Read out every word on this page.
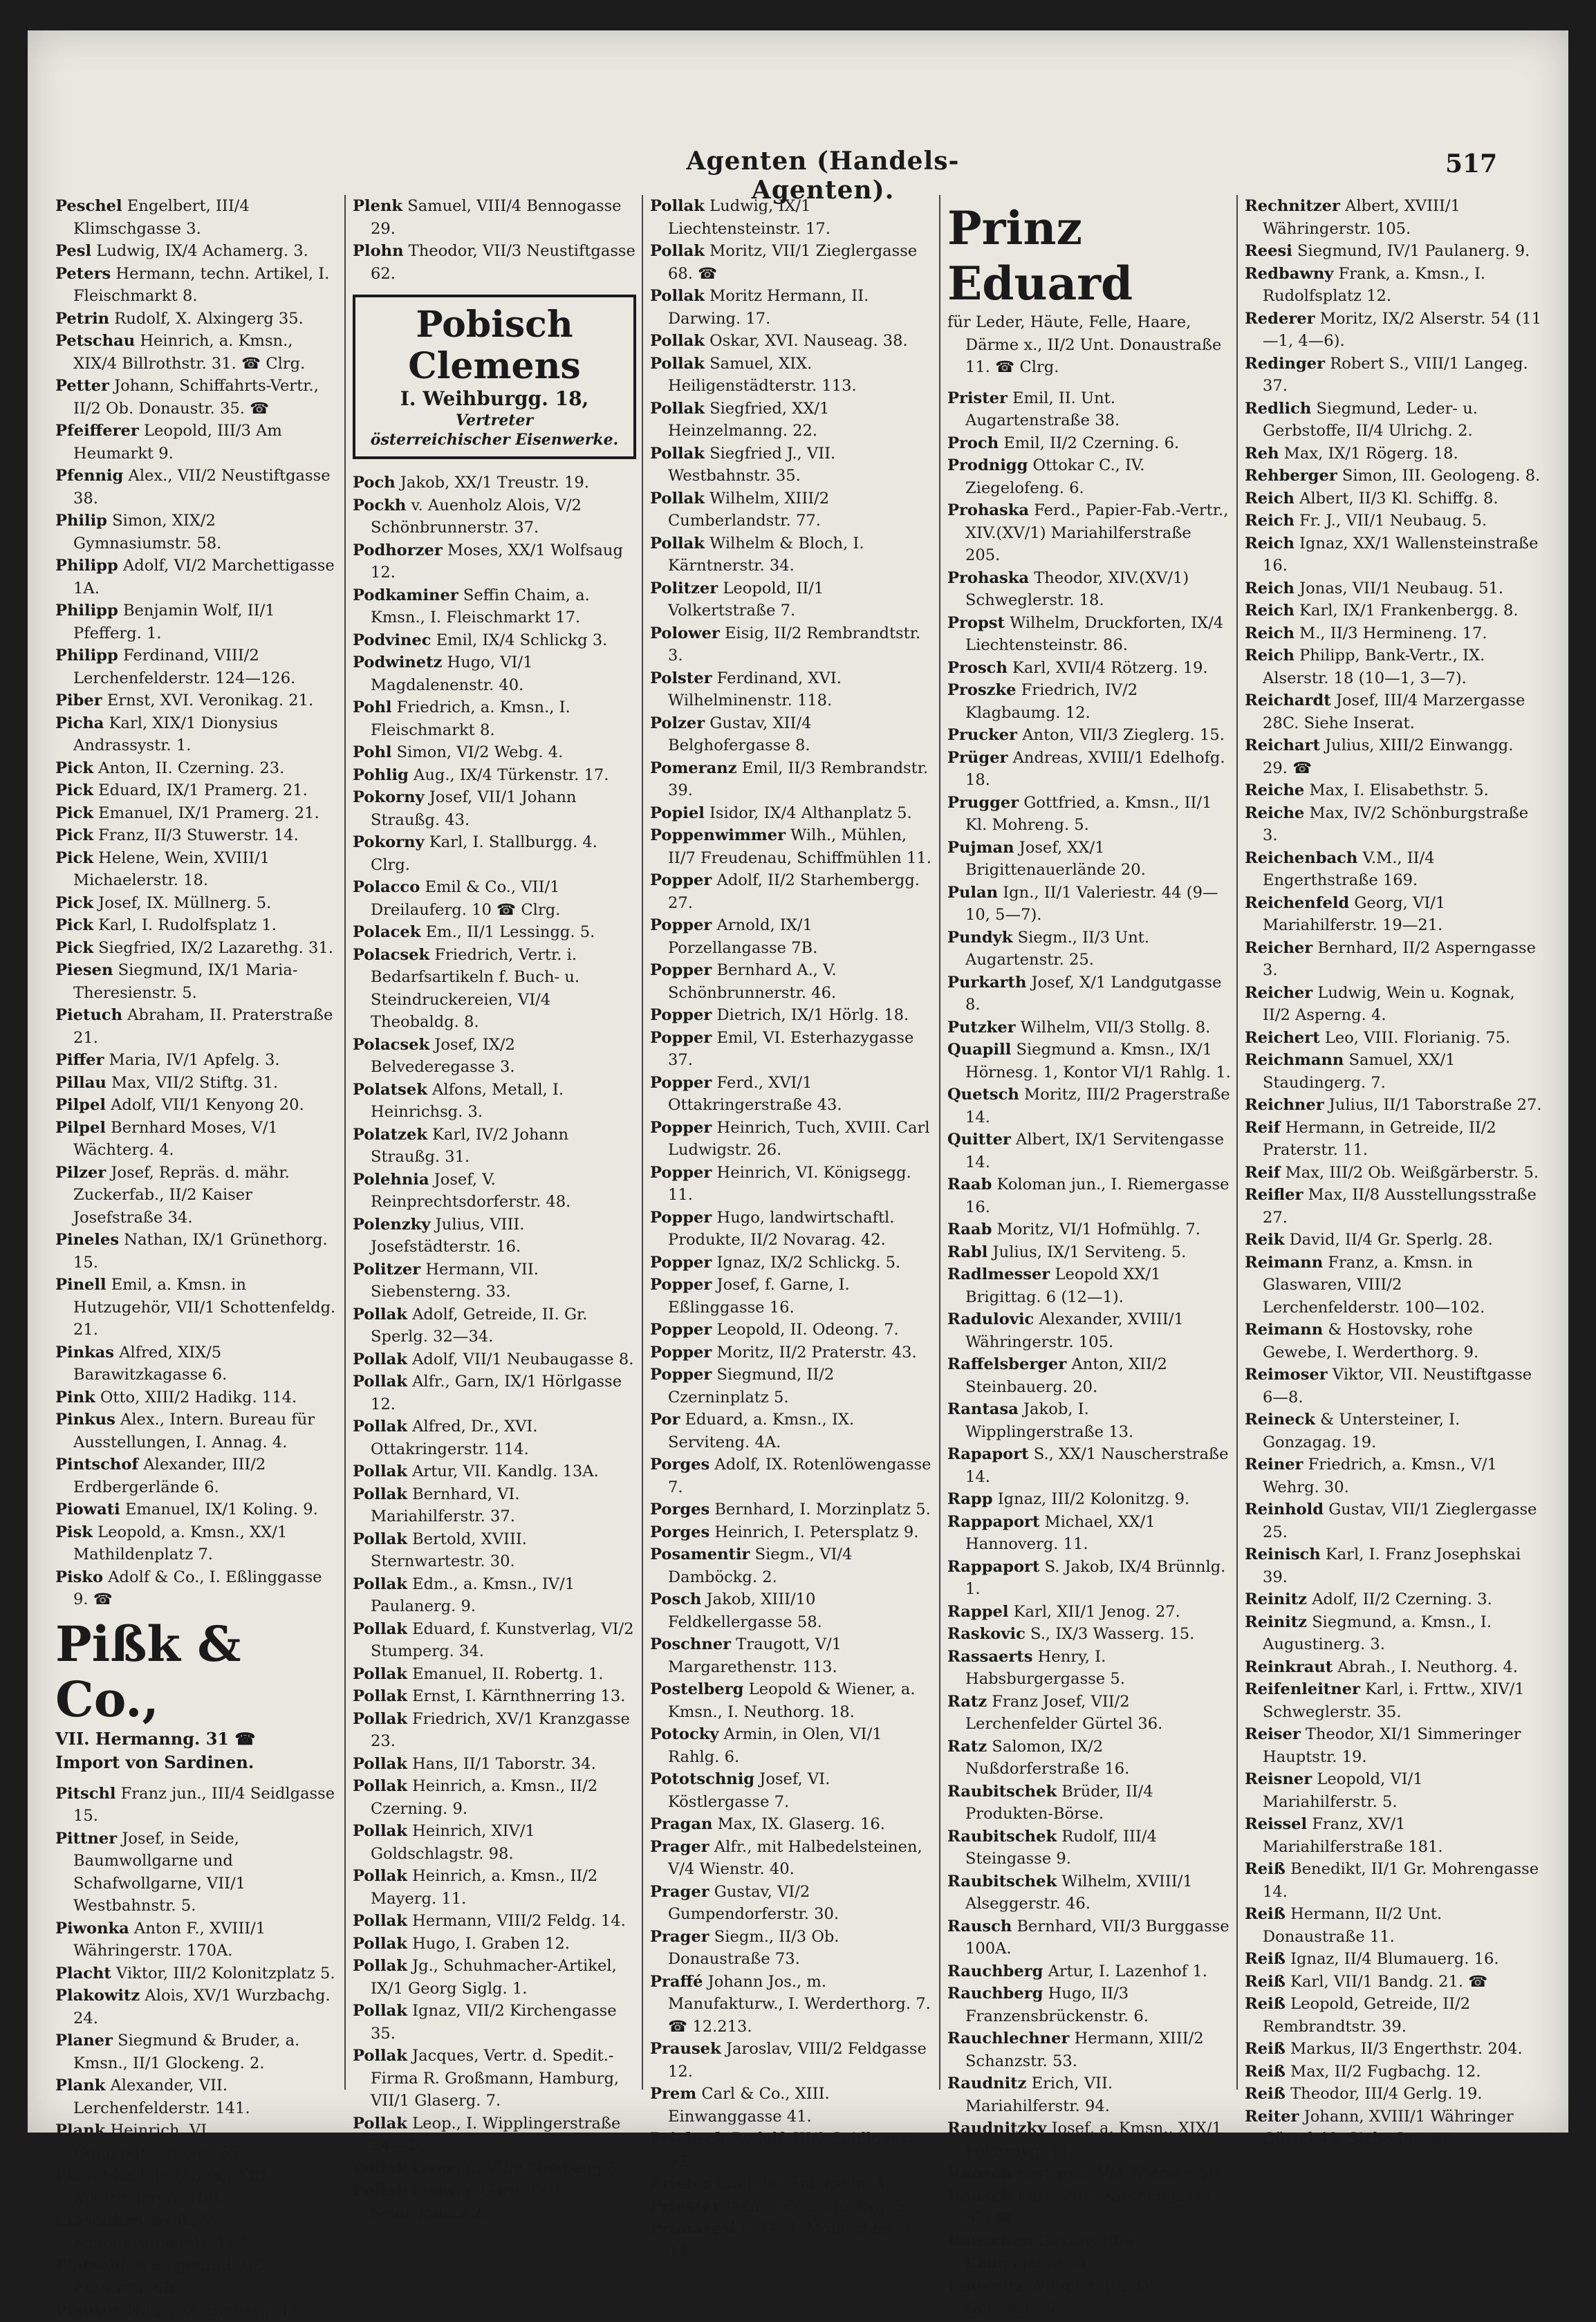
Agenten (Handels-Agenten).
517

Peschel Engelbert, III/4 Klimschgasse 3.

Pesl Ludwig, IX/4 Achamerg. 3.

Peters Hermann, techn. Artikel, I. Fleischmarkt 8.

Petrin Rudolf, X. Alxingerg 35.

Petschau Heinrich, a. Kmsn., XIX/4 Billrothstr. 31. ☎ Clrg.

Petter Johann, Schiffahrts-Vertr., II/2 Ob. Donaustr. 35. ☎

Pfeifferer Leopold, III/3 Am Heumarkt 9.

Pfennig Alex., VII/2 Neustiftgasse 38.

Philip Simon, XIX/2 Gymnasiumstr. 58.

Philipp Adolf, VI/2 Marchettigasse 1A.

Philipp Benjamin Wolf, II/1 Pfefferg. 1.

Philipp Ferdinand, VIII/2 Lerchenfelderstr. 124—126.

Piber Ernst, XVI. Veronikag. 21.

Picha Karl, XIX/1 Dionysius Andrassystr. 1.

Pick Anton, II. Czerning. 23.

Pick Eduard, IX/1 Pramerg. 21.

Pick Emanuel, IX/1 Pramerg. 21.

Pick Franz, II/3 Stuwerstr. 14.

Pick Helene, Wein, XVIII/1 Michaelerstr. 18.

Pick Josef, IX. Müllnerg. 5.

Pick Karl, I. Rudolfsplatz 1.

Pick Siegfried, IX/2 Lazarethg. 31.

Piesen Siegmund, IX/1 Maria-Theresienstr. 5.

Pietuch Abraham, II. Praterstraße 21.

Piffer Maria, IV/1 Apfelg. 3.

Pillau Max, VII/2 Stiftg. 31.

Pilpel Adolf, VII/1 Kenyong 20.

Pilpel Bernhard Moses, V/1 Wächterg. 4.

Pilzer Josef, Repräs. d. mähr. Zuckerfab., II/2 Kaiser Josefstraße 34.

Pineles Nathan, IX/1 Grünethorg. 15.

Pinell Emil, a. Kmsn. in Hutzugehör, VII/1 Schottenfeldg. 21.

Pinkas Alfred, XIX/5 Barawitzkagasse 6.

Pink Otto, XIII/2 Hadikg. 114.

Pinkus Alex., Intern. Bureau für Ausstellungen, I. Annag. 4.

Pintschof Alexander, III/2 Erdbergerlände 6.

Piowati Emanuel, IX/1 Koling. 9.

Pisk Leopold, a. Kmsn., XX/1 Mathildenplatz 7.

Pisko Adolf & Co., I. Eßlinggasse 9. ☎

Pißk & Co.,
VII. Hermanng. 31 ☎
Import von Sardinen.

Pitschl Franz jun., III/4 Seidlgasse 15.

Pittner Josef, in Seide, Baumwollgarne und Schafwollgarne, VII/1 Westbahnstr. 5.

Piwonka Anton F., XVIII/1 Währingerstr. 170A.

Placht Viktor, III/2 Kolonitzplatz 5.

Plakowitz Alois, XV/1 Wurzbachg. 24.

Planer Siegmund & Bruder, a. Kmsn., II/1 Glockeng. 2.

Plank Alexander, VII. Lerchenfelderstr. 141.

Plank Heinrich, VI. Gumpendorferstr. 65.

Plaschka Joh. (Anna), XIII. Speisingerstr. 100.

Plaschkes Jakob, V. Schönbrunnerstr. 112.

Platschick Siegmund, II/2 Praterstr. 68.

Plautus Hugo, IX. Binderg. 11.

Plenk Samuel, VIII/4 Bennogasse 29.

Plohn Theodor, VII/3 Neustiftgasse 62.

Pobisch Clemens
I. Weihburgg. 18,
Vertreter
österreichischer Eisenwerke.

Poch Jakob, XX/1 Treustr. 19.

Pockh v. Auenholz Alois, V/2 Schönbrunnerstr. 37.

Podhorzer Moses, XX/1 Wolfsaug 12.

Podkaminer Seffin Chaim, a. Kmsn., I. Fleischmarkt 17.

Podvinec Emil, IX/4 Schlickg 3.

Podwinetz Hugo, VI/1 Magdalenenstr. 40.

Pohl Friedrich, a. Kmsn., I. Fleischmarkt 8.

Pohl Simon, VI/2 Webg. 4.

Pohlig Aug., IX/4 Türkenstr. 17.

Pokorny Josef, VII/1 Johann Straußg. 43.

Pokorny Karl, I. Stallburgg. 4. Clrg.

Polacco Emil & Co., VII/1 Dreilauferg. 10 ☎ Clrg.

Polacek Em., II/1 Lessingg. 5.

Polacsek Friedrich, Vertr. i. Bedarfsartikeln f. Buch- u. Steindruckereien, VI/4 Theobaldg. 8.

Polacsek Josef, IX/2 Belvederegasse 3.

Polatsek Alfons, Metall, I. Heinrichsg. 3.

Polatzek Karl, IV/2 Johann Straußg. 31.

Polehnia Josef, V. Reinprechtsdorferstr. 48.

Polenzky Julius, VIII. Josefstädterstr. 16.

Politzer Hermann, VII. Siebensterng. 33.

Pollak Adolf, Getreide, II. Gr. Sperlg. 32—34.

Pollak Adolf, VII/1 Neubaugasse 8.

Pollak Alfr., Garn, IX/1 Hörlgasse 12.

Pollak Alfred, Dr., XVI. Ottakringerstr. 114.

Pollak Artur, VII. Kandlg. 13A.

Pollak Bernhard, VI. Mariahilferstr. 37.

Pollak Bertold, XVIII. Sternwartestr. 30.

Pollak Edm., a. Kmsn., IV/1 Paulanerg. 9.

Pollak Eduard, f. Kunstverlag, VI/2 Stumperg. 34.

Pollak Emanuel, II. Robertg. 1.

Pollak Ernst, I. Kärnthnerring 13.

Pollak Friedrich, XV/1 Kranzgasse 23.

Pollak Hans, II/1 Taborstr. 34.

Pollak Heinrich, a. Kmsn., II/2 Czerning. 9.

Pollak Heinrich, XIV/1 Goldschlagstr. 98.

Pollak Heinrich, a. Kmsn., II/2 Mayerg. 11.

Pollak Hermann, VIII/2 Feldg. 14.

Pollak Hugo, I. Graben 12.

Pollak Jg., Schuhmacher-Artikel, IX/1 Georg Siglg. 1.

Pollak Ignaz, VII/2 Kirchengasse 35.

Pollak Jacques, Vertr. d. Spedit.-Firma R. Großmann, Hamburg, VII/1 Glaserg. 7.

Pollak Leop., I. Wipplingerstraße 24—26.

Pollak Leopold, VII/4 Neubaug 5.

Pollak Ludwig, Garn, IX/1 Schlickplatz 2.

Pollak Ludwig, IX/1 Liechtensteinstr. 17.

Pollak Moritz, VII/1 Zieglergasse 68. ☎

Pollak Moritz Hermann, II. Darwing. 17.

Pollak Oskar, XVI. Nauseag. 38.

Pollak Samuel, XIX. Heiligenstädterstr. 113.

Pollak Siegfried, XX/1 Heinzelmanng. 22.

Pollak Siegfried J., VII. Westbahnstr. 35.

Pollak Wilhelm, XIII/2 Cumberlandstr. 77.

Pollak Wilhelm & Bloch, I. Kärntnerstr. 34.

Politzer Leopold, II/1 Volkertstraße 7.

Polower Eisig, II/2 Rembrandtstr. 3.

Polster Ferdinand, XVI. Wilhelminenstr. 118.

Polzer Gustav, XII/4 Belghofergasse 8.

Pomeranz Emil, II/3 Rembrandstr. 39.

Popiel Isidor, IX/4 Althanplatz 5.

Poppenwimmer Wilh., Mühlen, II/7 Freudenau, Schiffmühlen 11.

Popper Adolf, II/2 Starhembergg. 27.

Popper Arnold, IX/1 Porzellangasse 7B.

Popper Bernhard A., V. Schönbrunnerstr. 46.

Popper Dietrich, IX/1 Hörlg. 18.

Popper Emil, VI. Esterhazygasse 37.

Popper Ferd., XVI/1 Ottakringerstraße 43.

Popper Heinrich, Tuch, XVIII. Carl Ludwigstr. 26.

Popper Heinrich, VI. Königsegg. 11.

Popper Hugo, landwirtschaftl. Produkte, II/2 Novarag. 42.

Popper Ignaz, IX/2 Schlickg. 5.

Popper Josef, f. Garne, I. Eßlinggasse 16.

Popper Leopold, II. Odeong. 7.

Popper Moritz, II/2 Praterstr. 43.

Popper Siegmund, II/2 Czerninplatz 5.

Por Eduard, a. Kmsn., IX. Serviteng. 4A.

Porges Adolf, IX. Rotenlöwengasse 7.

Porges Bernhard, I. Morzinplatz 5.

Porges Heinrich, I. Petersplatz 9.

Posamentir Siegm., VI/4 Damböckg. 2.

Posch Jakob, XIII/10 Feldkellergasse 58.

Poschner Traugott, V/1 Margarethenstr. 113.

Postelberg Leopold & Wiener, a. Kmsn., I. Neuthorg. 18.

Potocky Armin, in Olen, VI/1 Rahlg. 6.

Pototschnig Josef, VI. Köstlergasse 7.

Pragan Max, IX. Glaserg. 16.

Prager Alfr., mit Halbedelsteinen, V/4 Wienstr. 40.

Prager Gustav, VI/2 Gumpendorferstr. 30.

Prager Siegm., II/3 Ob. Donaustraße 73.

Praffé Johann Jos., m. Manufakturw., I. Werderthorg. 7. ☎ 12.213.

Prausek Jaroslav, VIII/2 Feldgasse 12.

Prem Carl & Co., XIII. Einwanggasse 41.

Priebsch Rudolf, III/2 Seidlgasse 32.

Priefer Emil, IX. Sobieskig. 4.

Priester Jakob, XX/2 Kluckyg. 5.

Primavesi C. G., I. Mölkerbastei 14.

Prinz Eduard

für Leder, Häute, Felle, Haare, Därme x., II/2 Unt. Donaustraße 11. ☎ Clrg.

Prister Emil, II. Unt. Augartenstraße 38.

Proch Emil, II/2 Czerning. 6.

Prodnigg Ottokar C., IV. Ziegelofeng. 6.

Prohaska Ferd., Papier-Fab.-Vertr., XIV.(XV/1) Mariahilferstraße 205.

Prohaska Theodor, XIV.(XV/1) Schweglerstr. 18.

Propst Wilhelm, Druckforten, IX/4 Liechtensteinstr. 86.

Prosch Karl, XVII/4 Rötzerg. 19.

Proszke Friedrich, IV/2 Klagbaumg. 12.

Prucker Anton, VII/3 Zieglerg. 15.

Prüger Andreas, XVIII/1 Edelhofg. 18.

Prugger Gottfried, a. Kmsn., II/1 Kl. Mohreng. 5.

Pujman Josef, XX/1 Brigittenauerlände 20.

Pulan Ign., II/1 Valeriestr. 44 (9—10, 5—7).

Pundyk Siegm., II/3 Unt. Augartenstr. 25.

Purkarth Josef, X/1 Landgutgasse 8.

Putzker Wilhelm, VII/3 Stollg. 8.

Quapill Siegmund a. Kmsn., IX/1 Hörnesg. 1, Kontor VI/1 Rahlg. 1.

Quetsch Moritz, III/2 Pragerstraße 14.

Quitter Albert, IX/1 Servitengasse 14.

Raab Koloman jun., I. Riemergasse 16.

Raab Moritz, VI/1 Hofmühlg. 7.

Rabl Julius, IX/1 Serviteng. 5.

Radlmesser Leopold XX/1 Brigittag. 6 (12—1).

Radulovic Alexander, XVIII/1 Währingerstr. 105.

Raffelsberger Anton, XII/2 Steinbauerg. 20.

Rantasa Jakob, I. Wipplingerstraße 13.

Rapaport S., XX/1 Nauscherstraße 14.

Rapp Ignaz, III/2 Kolonitzg. 9.

Rappaport Michael, XX/1 Hannoverg. 11.

Rappaport S. Jakob, IX/4 Brünnlg. 1.

Rappel Karl, XII/1 Jenog. 27.

Raskovic S., IX/3 Wasserg. 15.

Rassaerts Henry, I. Habsburgergasse 5.

Ratz Franz Josef, VII/2 Lerchenfelder Gürtel 36.

Ratz Salomon, IX/2 Nußdorferstraße 16.

Raubitschek Brüder, II/4 Produkten-Börse.

Raubitschek Rudolf, III/4 Steingasse 9.

Raubitschek Wilhelm, XVIII/1 Alseggerstr. 46.

Rausch Bernhard, VII/3 Burggasse 100A.

Rauchberg Artur, I. Lazenhof 1.

Rauchberg Hugo, II/3 Franzensbrückenstr. 6.

Rauchlechner Hermann, XIII/2 Schanzstr. 53.

Raudnitz Erich, VII. Mariahilferstr. 94.

Raudnitzky Josef, a. Kmsn., XIX/1 Pokornyg. 11.

Rausch Karl sen., V/4 Wienstr. 59.

Rausch Karl, VII/1 Kirchengasse 32. ☎

Rauschen Gustav, III/4 Khunngasse 14.

Rausnitz Wilhelm, II/2 Ob. Donaustr. 9.

Rechnitzer Albert, XVIII/1 Währingerstr. 105.

Reesi Siegmund, IV/1 Paulanerg. 9.

Redbawny Frank, a. Kmsn., I. Rudolfsplatz 12.

Rederer Moritz, IX/2 Alserstr. 54 (11—1, 4—6).

Redinger Robert S., VIII/1 Langeg. 37.

Redlich Siegmund, Leder- u. Gerbstoffe, II/4 Ulrichg. 2.

Reh Max, IX/1 Rögerg. 18.

Rehberger Simon, III. Geologeng. 8.

Reich Albert, II/3 Kl. Schiffg. 8.

Reich Fr. J., VII/1 Neubaug. 5.

Reich Ignaz, XX/1 Wallensteinstraße 16.

Reich Jonas, VII/1 Neubaug. 51.

Reich Karl, IX/1 Frankenbergg. 8.

Reich M., II/3 Hermineng. 17.

Reich Philipp, Bank-Vertr., IX. Alserstr. 18 (10—1, 3—7).

Reichardt Josef, III/4 Marzergasse 28C. Siehe Inserat.

Reichart Julius, XIII/2 Einwangg. 29. ☎

Reiche Max, I. Elisabethstr. 5.

Reiche Max, IV/2 Schönburgstraße 3.

Reichenbach V.M., II/4 Engerthstraße 169.

Reichenfeld Georg, VI/1 Mariahilferstr. 19—21.

Reicher Bernhard, II/2 Asperngasse 3.

Reicher Ludwig, Wein u. Kognak, II/2 Asperng. 4.

Reichert Leo, VIII. Florianig. 75.

Reichmann Samuel, XX/1 Staudingerg. 7.

Reichner Julius, II/1 Taborstraße 27.

Reif Hermann, in Getreide, II/2 Praterstr. 11.

Reif Max, III/2 Ob. Weißgärberstr. 5.

Reifler Max, II/8 Ausstellungsstraße 27.

Reik David, II/4 Gr. Sperlg. 28.

Reimann Franz, a. Kmsn. in Glaswaren, VIII/2 Lerchenfelderstr. 100—102.

Reimann & Hostovsky, rohe Gewebe, I. Werderthorg. 9.

Reimoser Viktor, VII. Neustiftgasse 6—8.

Reineck & Untersteiner, I. Gonzagag. 19.

Reiner Friedrich, a. Kmsn., V/1 Wehrg. 30.

Reinhold Gustav, VII/1 Zieglergasse 25.

Reinisch Karl, I. Franz Josephskai 39.

Reinitz Adolf, II/2 Czerning. 3.

Reinitz Siegmund, a. Kmsn., I. Augustinerg. 3.

Reinkraut Abrah., I. Neuthorg. 4.

Reifenleitner Karl, i. Frttw., XIV/1 Schweglerstr. 35.

Reiser Theodor, XI/1 Simmeringer Hauptstr. 19.

Reisner Leopold, VI/1 Mariahilferstr. 5.

Reissel Franz, XV/1 Mariahilferstraße 181.

Reiß Benedikt, II/1 Gr. Mohrengasse 14.

Reiß Hermann, II/2 Unt. Donaustraße 11.

Reiß Ignaz, II/4 Blumauerg. 16.

Reiß Karl, VII/1 Bandg. 21. ☎

Reiß Leopold, Getreide, II/2 Rembrandtstr. 39.

Reiß Markus, II/3 Engerthstr. 204.

Reiß Max, II/2 Fugbachg. 12.

Reiß Theodor, III/4 Gerlg. 19.

Reiter Johann, XVIII/1 Währinger Gürtel 49. Siehe Inserat.
